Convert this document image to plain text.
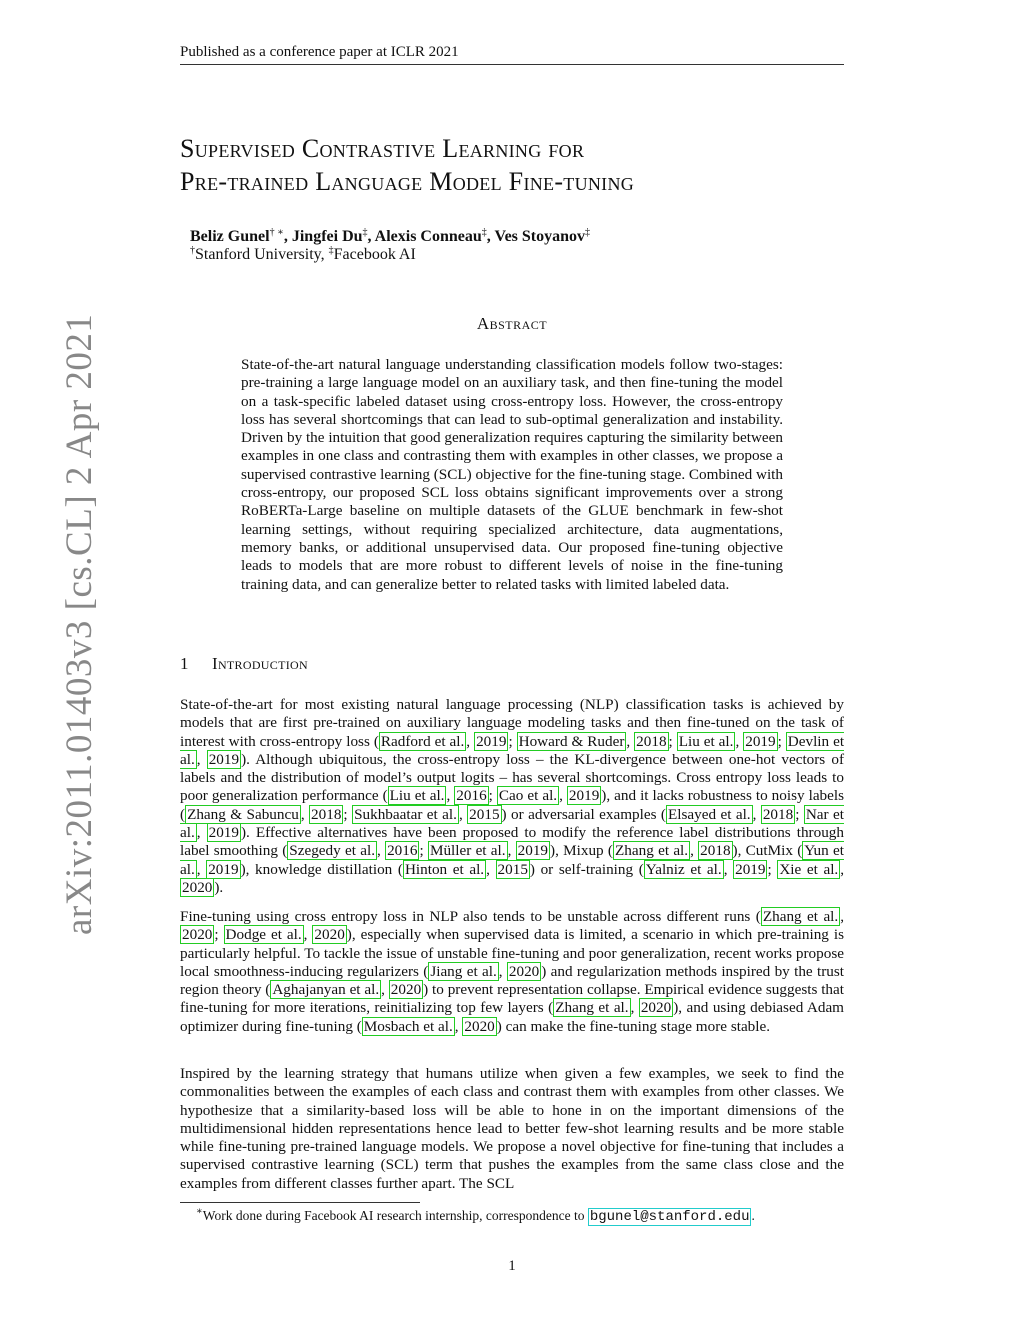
Published as a conference paper at ICLR 2021
arXiv:2011.01403v3 [cs.CL] 2 Apr 2021
Supervised Contrastive Learning for
Pre-trained Language Model Fine-tuning
Beliz Gunel† ∗, Jingfei Du‡, Alexis Conneau‡, Ves Stoyanov‡
†Stanford University, ‡Facebook AI
Abstract
State-of-the-art natural language understanding classification models follow two-stages: pre-training a large language model on an auxiliary task, and then fine-tuning the model on a task-specific labeled dataset using cross-entropy loss. However, the cross-entropy loss has several shortcomings that can lead to sub-optimal generalization and instability. Driven by the intuition that good generalization requires capturing the similarity between examples in one class and contrasting them with examples in other classes, we propose a supervised contrastive learning (SCL) objective for the fine-tuning stage. Combined with cross-entropy, our proposed SCL loss obtains significant improvements over a strong RoBERTa-Large baseline on multiple datasets of the GLUE benchmark in few-shot learning settings, without requiring specialized architecture, data augmentations, memory banks, or additional unsupervised data. Our proposed fine-tuning objective leads to models that are more robust to different levels of noise in the fine-tuning training data, and can generalize better to related tasks with limited labeled data.
1 Introduction
State-of-the-art for most existing natural language processing (NLP) classification tasks is achieved by models that are first pre-trained on auxiliary language modeling tasks and then fine-tuned on the task of interest with cross-entropy loss ( Radford et al. , 2019 ; Howard & Ruder , 2018 ; Liu et al. , 2019 ; Devlin et al. , 2019 ). Although ubiquitous, the cross-entropy loss – the KL-divergence between one-hot vectors of labels and the distribution of model’s output logits – has several shortcomings. Cross entropy loss leads to poor generalization performance ( Liu et al. , 2016 ; Cao et al. , 2019 ), and it lacks robustness to noisy labels ( Zhang & Sabuncu , 2018 ; Sukhbaatar et al. , 2015 ) or adversarial examples ( Elsayed et al. , 2018 ; Nar et al. , 2019 ). Effective alternatives have been proposed to modify the reference label distributions through label smoothing ( Szegedy et al. , 2016 ; Müller et al. , 2019 ), Mixup ( Zhang et al. , 2018 ), CutMix ( Yun et al. , 2019 ), knowledge distillation ( Hinton et al. , 2015 ) or self-training ( Yalniz et al. , 2019 ; Xie et al. , 2020 ).
Fine-tuning using cross entropy loss in NLP also tends to be unstable across different runs ( Zhang et al. , 2020 ; Dodge et al. , 2020 ), especially when supervised data is limited, a scenario in which pre-training is particularly helpful. To tackle the issue of unstable fine-tuning and poor generalization, recent works propose local smoothness-inducing regularizers ( Jiang et al. , 2020 ) and regularization methods inspired by the trust region theory ( Aghajanyan et al. , 2020 ) to prevent representation collapse. Empirical evidence suggests that fine-tuning for more iterations, reinitializing top few layers ( Zhang et al. , 2020 ), and using debiased Adam optimizer during fine-tuning ( Mosbach et al. , 2020 ) can make the fine-tuning stage more stable.
Inspired by the learning strategy that humans utilize when given a few examples, we seek to find the commonalities between the examples of each class and contrast them with examples from other classes. We hypothesize that a similarity-based loss will be able to hone in on the important dimensions of the multidimensional hidden representations hence lead to better few-shot learning results and be more stable while fine-tuning pre-trained language models. We propose a novel objective for fine-tuning that includes a supervised contrastive learning (SCL) term that pushes the examples from the same class close and the examples from different classes further apart. The SCL
∗Work done during Facebook AI research internship, correspondence to bgunel@stanford.edu .
1
